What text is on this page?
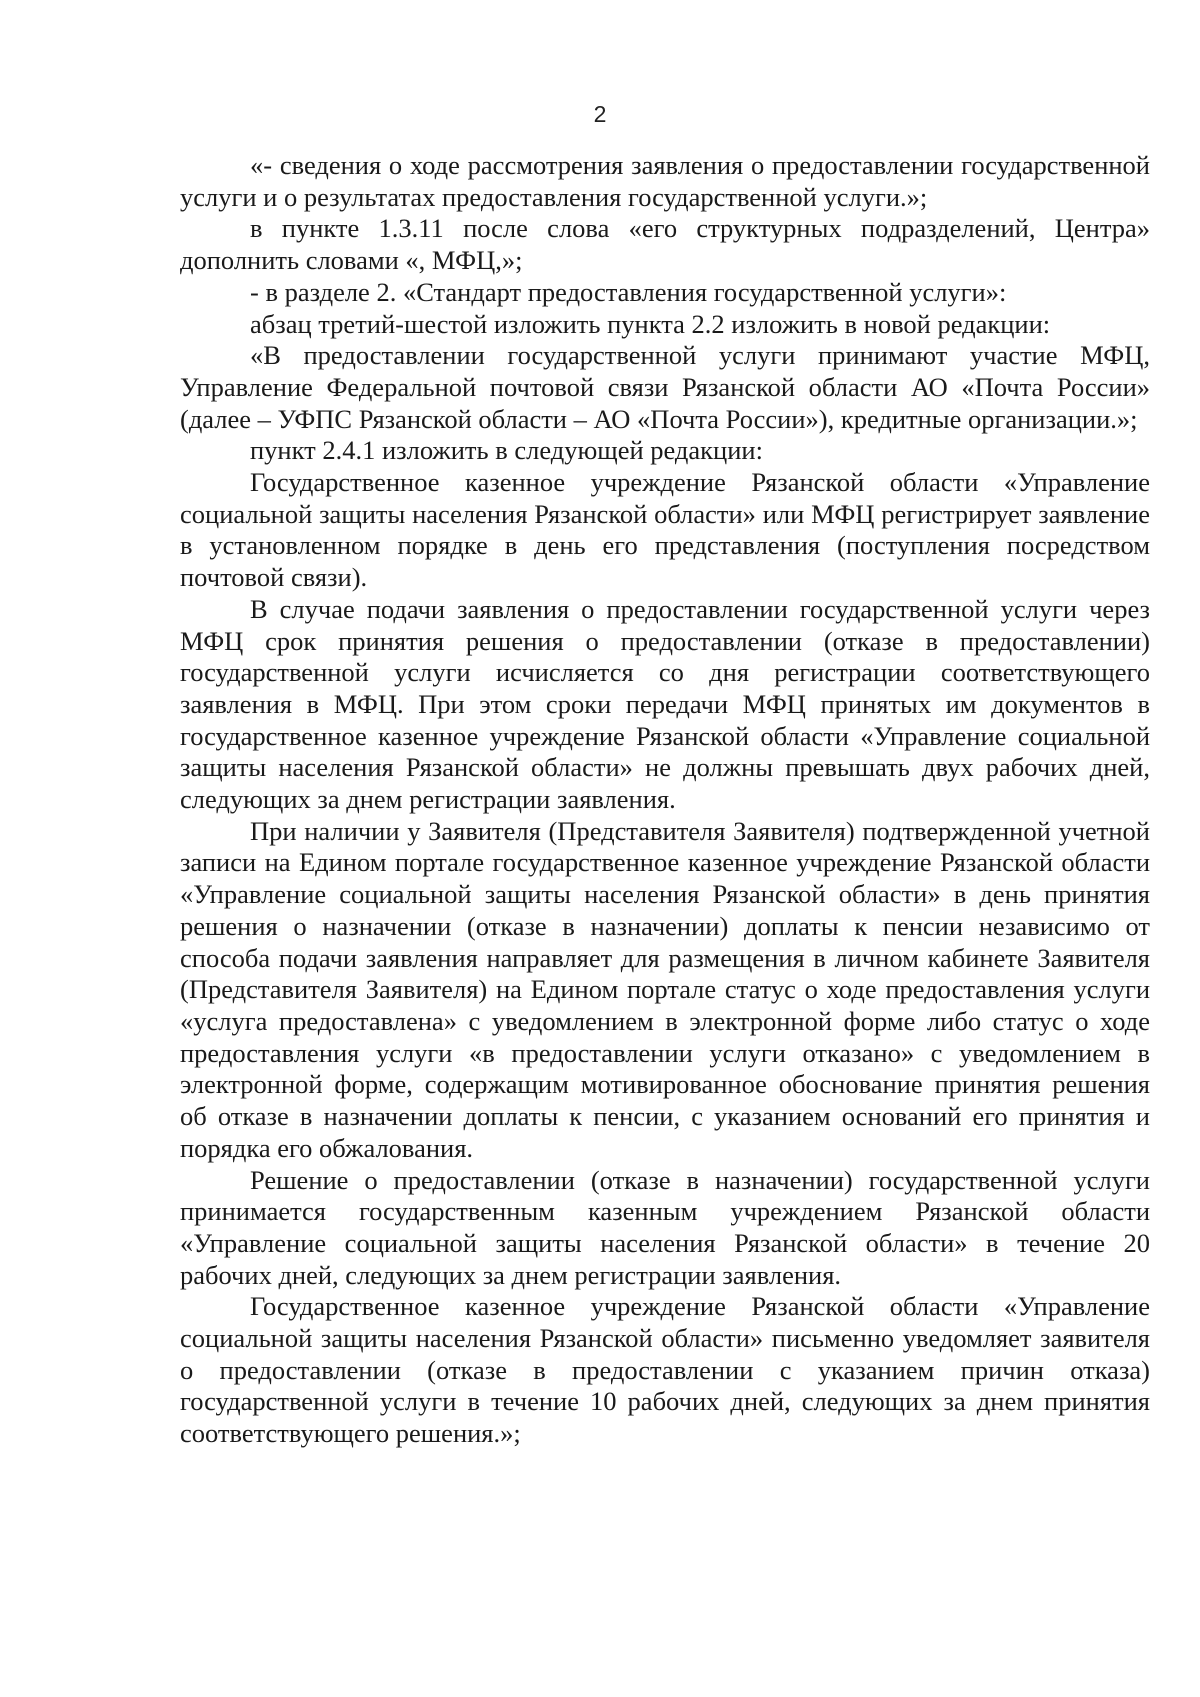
2

«- сведения о ходе рассмотрения заявления о предоставлении государственной услуги и о результатах предоставления государственной услуги.»;

в пункте 1.3.11 после слова «его структурных подразделений, Центра» дополнить словами «, МФЦ,»;

- в разделе 2. «Стандарт предоставления государственной услуги»:

абзац третий-шестой изложить пункта 2.2 изложить в новой редакции:

«В предоставлении государственной услуги принимают участие МФЦ, Управление Федеральной почтовой связи Рязанской области АО «Почта России» (далее – УФПС Рязанской области – АО «Почта России»), кредитные организации.»;

пункт 2.4.1 изложить в следующей редакции:

Государственное казенное учреждение Рязанской области «Управление социальной защиты населения Рязанской области» или МФЦ регистрирует заявление в установленном порядке в день его представления (поступления посредством почтовой связи).

В случае подачи заявления о предоставлении государственной услуги через МФЦ срок принятия решения о предоставлении (отказе в предоставлении) государственной услуги исчисляется со дня регистрации соответствующего заявления в МФЦ. При этом сроки передачи МФЦ принятых им документов в государственное казенное учреждение Рязанской области «Управление социальной защиты населения Рязанской области» не должны превышать двух рабочих дней, следующих за днем регистрации заявления.

При наличии у Заявителя (Представителя Заявителя) подтвержденной учетной записи на Едином портале государственное казенное учреждение Рязанской области «Управление социальной защиты населения Рязанской области» в день принятия решения о назначении (отказе в назначении) доплаты к пенсии независимо от способа подачи заявления направляет для размещения в личном кабинете Заявителя (Представителя Заявителя) на Едином портале статус о ходе предоставления услуги «услуга предоставлена» с уведомлением в электронной форме либо статус о ходе предоставления услуги «в предоставлении услуги отказано» с уведомлением в электронной форме, содержащим мотивированное обоснование принятия решения об отказе в назначении доплаты к пенсии, с указанием оснований его принятия и порядка его обжалования.

Решение о предоставлении (отказе в назначении) государственной услуги принимается государственным казенным учреждением Рязанской области «Управление социальной защиты населения Рязанской области» в течение 20 рабочих дней, следующих за днем регистрации заявления.

Государственное казенное учреждение Рязанской области «Управление социальной защиты населения Рязанской области» письменно уведомляет заявителя о предоставлении (отказе в предоставлении с указанием причин отказа) государственной услуги в течение 10 рабочих дней, следующих за днем принятия соответствующего решения.»;
